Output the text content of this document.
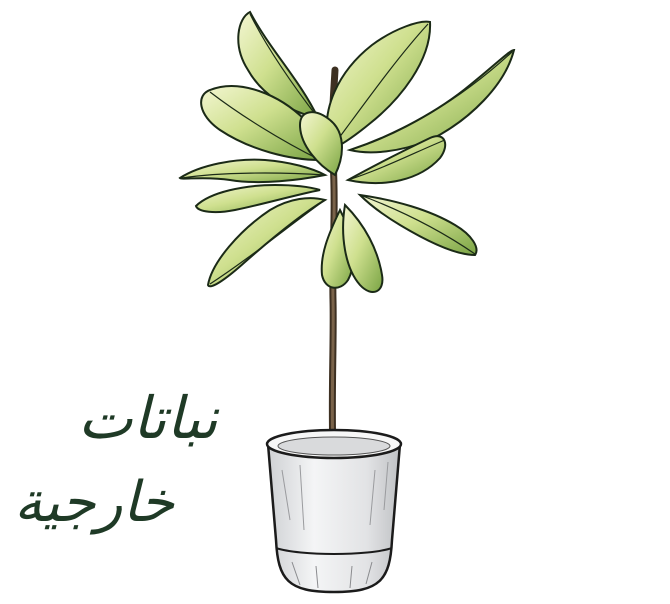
نباتات

خارجية
